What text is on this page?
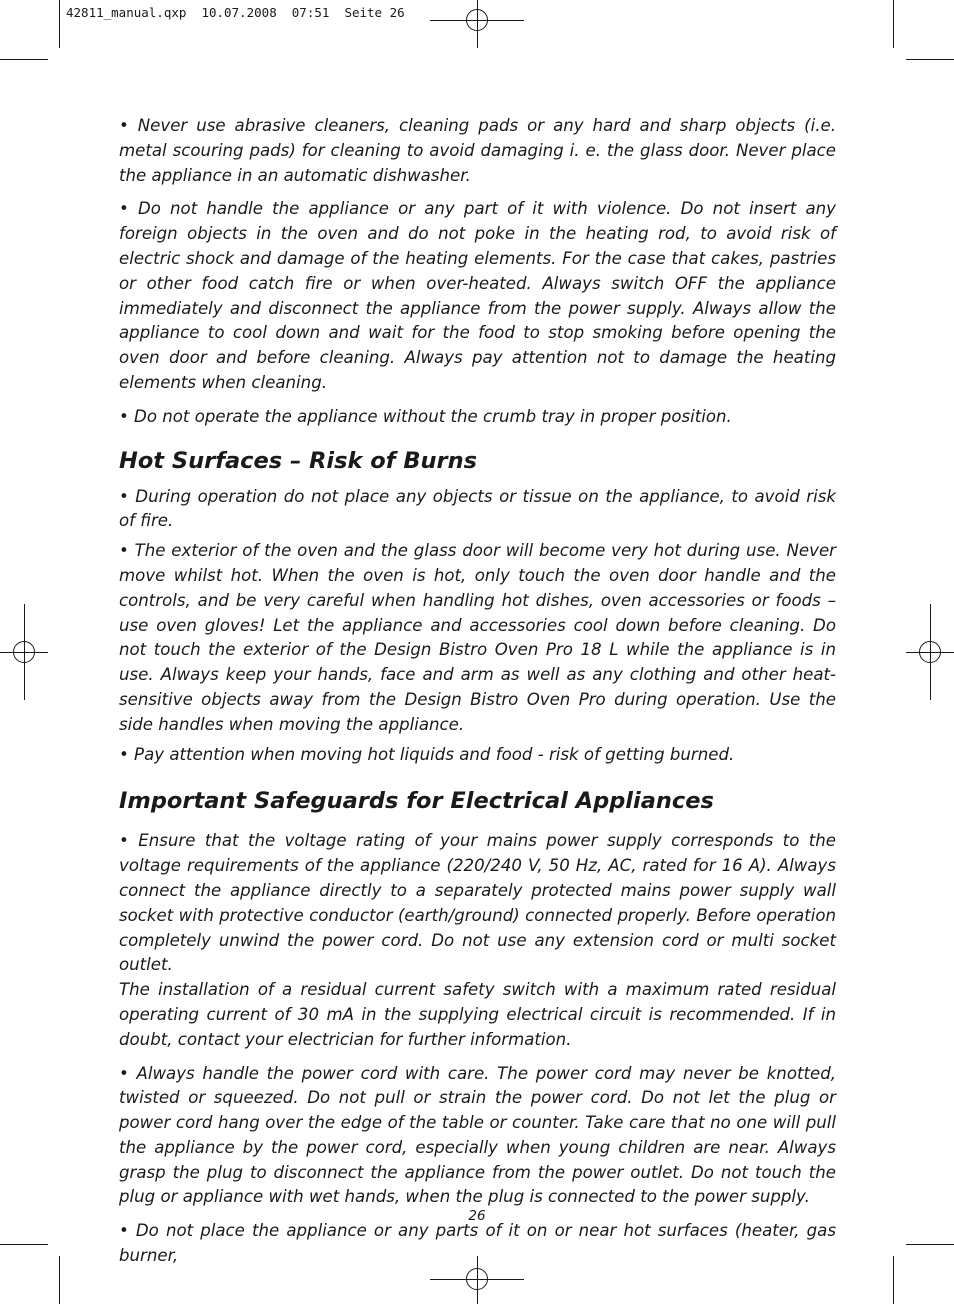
42811_manual.qxp  10.07.2008  07:51  Seite 26

• Never use abrasive cleaners, cleaning pads or any hard and sharp objects (i.e. metal scouring pads) for cleaning to avoid damaging i. e. the glass door. Never place the appliance in an automatic dishwasher.

• Do not handle the appliance or any part of it with violence. Do not insert any foreign objects in the oven and do not poke in the heating rod, to avoid risk of electric shock and damage of the heating elements. For the case that cakes, pastries or other food catch fire or when over-heated. Always switch OFF the appliance immediately and disconnect the appliance from the power supply. Always allow the appliance to cool down and wait for the food to stop smoking before opening the oven door and before cleaning. Always pay attention not to damage the heating elements when cleaning.

• Do not operate the appliance without the crumb tray in proper position.

Hot Surfaces – Risk of Burns

• During operation do not place any objects or tissue on the appliance, to avoid risk of fire.

• The exterior of the oven and the glass door will become very hot during use. Never move whilst hot. When the oven is hot, only touch the oven door handle and the controls, and be very careful when handling hot dishes, oven accessories or foods – use oven gloves! Let the appliance and accessories cool down before cleaning. Do not touch the exterior of the Design Bistro Oven Pro 18 L while the appliance is in use. Always keep your hands, face and arm as well as any clothing and other heat-sensitive objects away from the Design Bistro Oven Pro during operation. Use the side handles when moving the appliance.

• Pay attention when moving hot liquids and food - risk of getting burned.

Important Safeguards for Electrical Appliances

• Ensure that the voltage rating of your mains power supply corresponds to the voltage requirements of the appliance (220/240 V, 50 Hz, AC, rated for 16 A). Always connect the appliance directly to a separately protected mains power supply wall socket with protective conductor (earth/ground) connected properly. Before operation completely unwind the power cord. Do not use any extension cord or multi socket outlet.

The installation of a residual current safety switch with a maximum rated residual operating current of 30 mA in the supplying electrical circuit is recommended. If in doubt, contact your electrician for further information.

• Always handle the power cord with care. The power cord may never be knotted, twisted or squeezed. Do not pull or strain the power cord. Do not let the plug or power cord hang over the edge of the table or counter. Take care that no one will pull the appliance by the power cord, especially when young children are near. Always grasp the plug to disconnect the appliance from the power outlet. Do not touch the plug or appliance with wet hands, when the plug is connected to the power supply.

• Do not place the appliance or any parts of it on or near hot surfaces (heater, gas burner,

26
